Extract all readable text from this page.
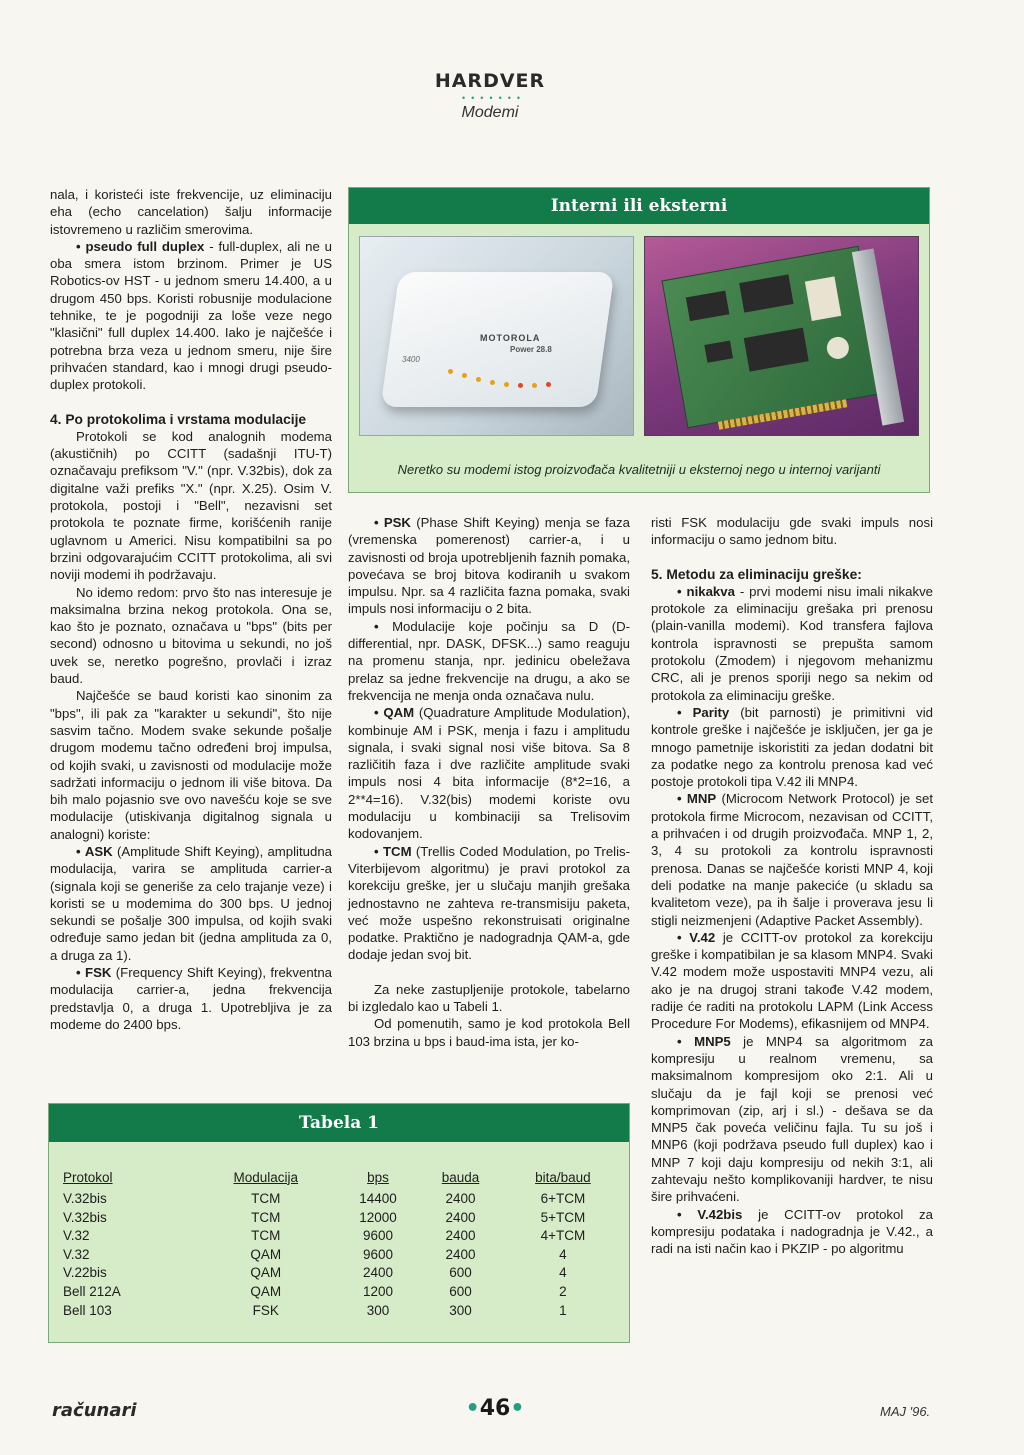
HARDVER
•••••••
Modemi

nala, i koristeći iste frekvencije, uz eliminaciju eha (echo cancelation) šalju informacije istovremeno u različim smerovima.

• pseudo full duplex - full-duplex, ali ne u oba smera istom brzinom. Primer je US Robotics-ov HST - u jednom smeru 14.400, a u drugom 450 bps. Koristi robusnije modulacione tehnike, te je pogodniji za loše veze nego "klasični" full duplex 14.400. Iako je najčešće i potrebna brza veza u jednom smeru, nije šire prihvaćen standard, kao i mnogi drugi pseudo-duplex protokoli.

4. Po protokolima i vrstama modulacije

Protokoli se kod analognih modema (akustičnih) po CCITT (sadašnji ITU-T) označavaju prefiksom "V." (npr. V.32bis), dok za digitalne važi prefiks "X." (npr. X.25). Osim V. protokola, postoji i "Bell", nezavisni set protokola te poznate firme, korišćenih ranije uglavnom u Americi. Nisu kompatibilni sa po brzini odgovarajućim CCITT protokolima, ali svi noviji modemi ih podržavaju.

No idemo redom: prvo što nas interesuje je maksimalna brzina nekog protokola. Ona se, kao što je poznato, označava u "bps" (bits per second) odnosno u bitovima u sekundi, no još uvek se, neretko pogrešno, provlači i izraz baud.

Najčešće se baud koristi kao sinonim za "bps", ili pak za "karakter u sekundi", što nije sasvim tačno. Modem svake sekunde pošalje drugom modemu tačno određeni broj impulsa, od kojih svaki, u zavisnosti od modulacije može sadržati informaciju o jednom ili više bitova. Da bih malo pojasnio sve ovo navešću koje se sve modulacije (utiskivanja digitalnog signala u analogni) koriste:

• ASK (Amplitude Shift Keying), amplitudna modulacija, varira se amplituda carrier-a (signala koji se generiše za celo trajanje veze) i koristi se u modemima do 300 bps. U jednoj sekundi se pošalje 300 impulsa, od kojih svaki određuje samo jedan bit (jedna amplituda za 0, a druga za 1).

• FSK (Frequency Shift Keying), frekventna modulacija carrier-a, jedna frekvencija predstavlja 0, a druga 1. Upotrebljiva je za modeme do 2400 bps.

Interni ili eksterni
MOTOROLA
Power 28.8
3400
Neretko su modemi istog proizvođača kvalitetniji u eksternoj nego u internoj varijanti

• PSK (Phase Shift Keying) menja se faza (vremenska pomerenost) carrier-a, i u zavisnosti od broja upotrebljenih faznih pomaka, povećava se broj bitova kodiranih u svakom impulsu. Npr. sa 4 različita fazna pomaka, svaki impuls nosi informaciju o 2 bita.

• Modulacije koje počinju sa D (D-differential, npr. DASK, DFSK...) samo reaguju na promenu stanja, npr. jedinicu obeležava prelaz sa jedne frekvencije na drugu, a ako se frekvencija ne menja onda označava nulu.

• QAM (Quadrature Amplitude Modulation), kombinuje AM i PSK, menja i fazu i amplitudu signala, i svaki signal nosi više bitova. Sa 8 različitih faza i dve različite amplitude svaki impuls nosi 4 bita informacije (8*2=16, a 2**4=16). V.32(bis) modemi koriste ovu modulaciju u kombinaciji sa Trelisovim kodovanjem.

• TCM (Trellis Coded Modulation, po Trelis-Viterbijevom algoritmu) je pravi protokol za korekciju greške, jer u slučaju manjih grešaka jednostavno ne zahteva re-transmisiju paketa, već može uspešno rekonstruisati originalne podatke. Praktično je nadogradnja QAM-a, gde dodaje jedan svoj bit.

Za neke zastupljenije protokole, tabelarno bi izgledalo kao u Tabeli 1.

Od pomenutih, samo je kod protokola Bell 103 brzina u bps i baud-ima ista, jer ko-

risti FSK modulaciju gde svaki impuls nosi informaciju o samo jednom bitu.

5. Metodu za eliminaciju greške:

• nikakva - prvi modemi nisu imali nikakve protokole za eliminaciju grešaka pri prenosu (plain-vanilla modemi). Kod transfera fajlova kontrola ispravnosti se prepušta samom protokolu (Zmodem) i njegovom mehanizmu CRC, ali je prenos sporiji nego sa nekim od protokola za eliminaciju greške.

• Parity (bit parnosti) je primitivni vid kontrole greške i najčešće je isključen, jer ga je mnogo pametnije iskoristiti za jedan dodatni bit za podatke nego za kontrolu prenosa kad već postoje protokoli tipa V.42 ili MNP4.

• MNP (Microcom Network Protocol) je set protokola firme Microcom, nezavisan od CCITT, a prihvaćen i od drugih proizvođača. MNP 1, 2, 3, 4 su protokoli za kontrolu ispravnosti prenosa. Danas se najčešće koristi MNP 4, koji deli podatke na manje pakeciće (u skladu sa kvalitetom veze), pa ih šalje i proverava jesu li stigli neizmenjeni (Adaptive Packet Assembly).

• V.42 je CCITT-ov protokol za korekciju greške i kompatibilan je sa klasom MNP4. Svaki V.42 modem može uspostaviti MNP4 vezu, ali ako je na drugoj strani takođe V.42 modem, radije će raditi na protokolu LAPM (Link Access Procedure For Modems), efikasnijem od MNP4.

• MNP5 je MNP4 sa algoritmom za kompresiju u realnom vremenu, sa maksimalnom kompresijom oko 2:1. Ali u slučaju da je fajl koji se prenosi već komprimovan (zip, arj i sl.) - dešava se da MNP5 čak poveća veličinu fajla. Tu su još i MNP6 (koji podržava pseudo full duplex) kao i MNP 7 koji daju kompresiju od nekih 3:1, ali zahtevaju nešto komplikovaniji hardver, te nisu šire prihvaćeni.

• V.42bis je CCITT-ov protokol za kompresiju podataka i nadogradnja je V.42., a radi na isti način kao i PKZIP - po algoritmu

Tabela 1
Protokol	Modulacija	bps	bauda	bita/baud
V.32bis	TCM	14400	2400	6+TCM
V.32bis	TCM	12000	2400	5+TCM
V.32	TCM	9600	2400	4+TCM
V.32	QAM	9600	2400	4
V.22bis	QAM	2400	600	4
Bell 212A	QAM	1200	600	2
Bell 103	FSK	300	300	1
računari	•46•	MAJ '96.
